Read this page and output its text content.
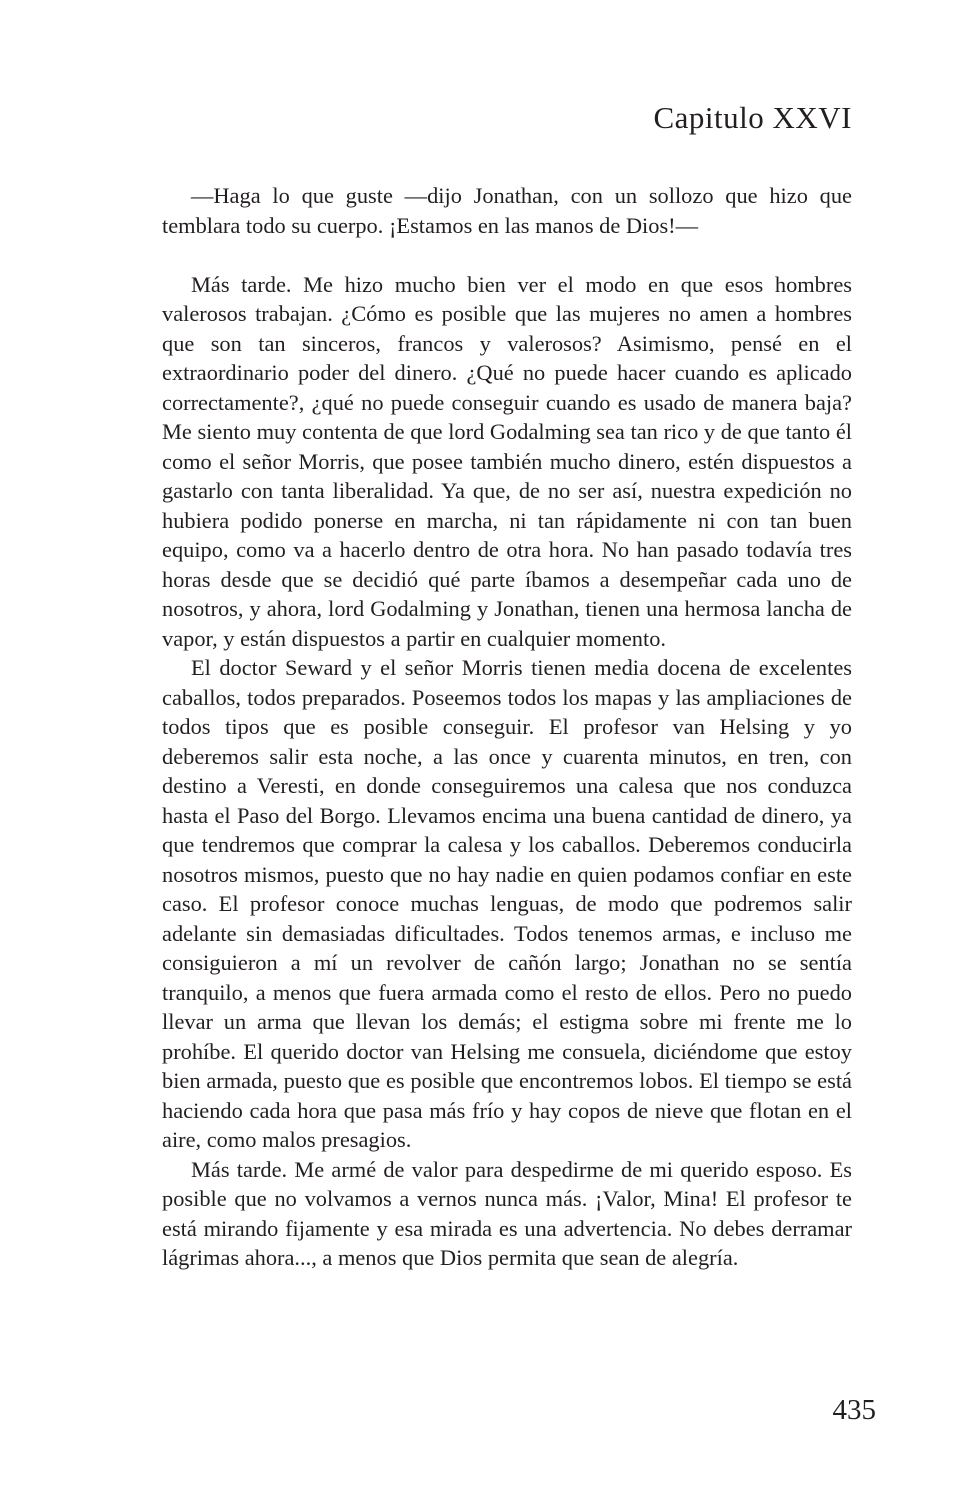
Capitulo XXVI

—Haga lo que guste —dijo Jonathan, con un sollozo que hizo que temblara todo su cuerpo. ¡Estamos en las manos de Dios!—

Más tarde. Me hizo mucho bien ver el modo en que esos hombres valerosos trabajan. ¿Cómo es posible que las mujeres no amen a hombres que son tan sinceros, francos y valerosos? Asimismo, pensé en el extraordinario poder del dinero. ¿Qué no puede hacer cuando es aplicado correctamente?, ¿qué no puede conseguir cuando es usado de manera baja? Me siento muy contenta de que lord Godalming sea tan rico y de que tanto él como el señor Morris, que posee también mucho dinero, estén dispuestos a gastarlo con tanta liberalidad. Ya que, de no ser así, nuestra expedición no hubiera podido ponerse en marcha, ni tan rápidamente ni con tan buen equipo, como va a hacerlo dentro de otra hora. No han pasado todavía tres horas desde que se decidió qué parte íbamos a desempeñar cada uno de nosotros, y ahora, lord Godalming y Jonathan, tienen una hermosa lancha de vapor, y están dispuestos a partir en cualquier momento.

El doctor Seward y el señor Morris tienen media docena de excelentes caballos, todos preparados. Poseemos todos los mapas y las ampliaciones de todos tipos que es posible conseguir. El profesor van Helsing y yo deberemos salir esta noche, a las once y cuarenta minutos, en tren, con destino a Veresti, en donde conseguiremos una calesa que nos conduzca hasta el Paso del Borgo. Llevamos encima una buena cantidad de dinero, ya que tendremos que comprar la calesa y los caballos. Deberemos conducirla nosotros mismos, puesto que no hay nadie en quien podamos confiar en este caso. El profesor conoce muchas lenguas, de modo que podremos salir adelante sin demasiadas dificultades. Todos tenemos armas, e incluso me consiguieron a mí un revolver de cañón largo; Jonathan no se sentía tranquilo, a menos que fuera armada como el resto de ellos. Pero no puedo llevar un arma que llevan los demás; el estigma sobre mi frente me lo prohíbe. El querido doctor van Helsing me consuela, diciéndome que estoy bien armada, puesto que es posible que encontremos lobos. El tiempo se está haciendo cada hora que pasa más frío y hay copos de nieve que flotan en el aire, como malos presagios.

Más tarde. Me armé de valor para despedirme de mi querido esposo. Es posible que no volvamos a vernos nunca más. ¡Valor, Mina! El profesor te está mirando fijamente y esa mirada es una advertencia. No debes derramar lágrimas ahora..., a menos que Dios permita que sean de alegría.

435
